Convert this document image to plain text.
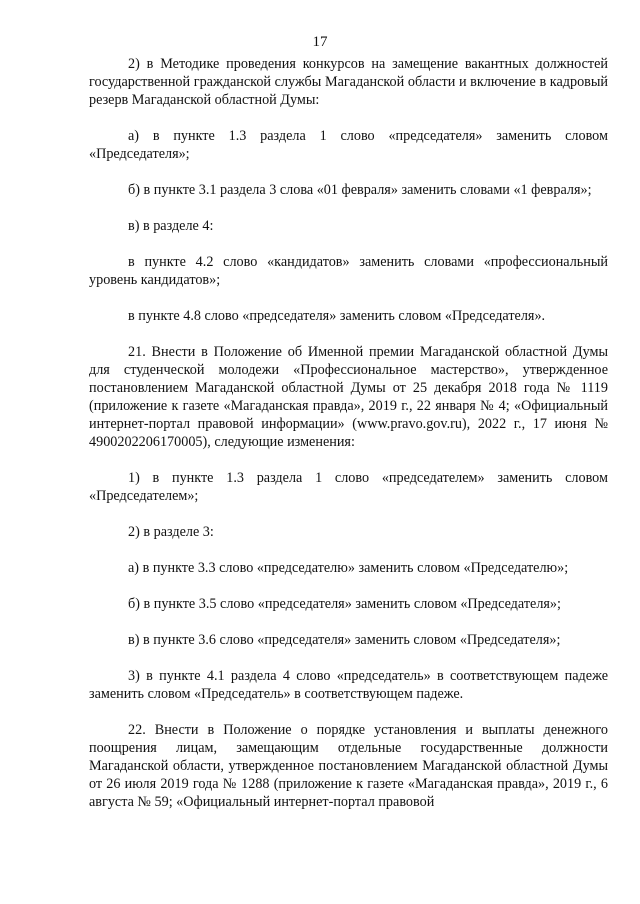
17

2) в Методике проведения конкурсов на замещение вакантных должностей государственной гражданской службы Магаданской области и включение в кадровый резерв Магаданской областной Думы:

а) в пункте 1.3 раздела 1 слово «председателя» заменить словом «Председателя»;

б) в пункте 3.1 раздела 3 слова «01 февраля» заменить словами «1 февраля»;

в) в разделе 4:

в пункте 4.2 слово «кандидатов» заменить словами «профессиональный уровень кандидатов»;

в пункте 4.8 слово «председателя» заменить словом «Председателя».

21. Внести в Положение об Именной премии Магаданской областной Думы для студенческой молодежи «Профессиональное мастерство», утвержденное постановлением Магаданской областной Думы от 25 декабря 2018 года № 1119 (приложение к газете «Магаданская правда», 2019 г., 22 января № 4; «Официальный интернет-портал правовой информации» (www.pravo.gov.ru), 2022 г., 17 июня № 4900202206170005), следующие изменения:

1) в пункте 1.3 раздела 1 слово «председателем» заменить словом «Председателем»;

2) в разделе 3:

а) в пункте 3.3 слово «председателю» заменить словом «Председателю»;

б) в пункте 3.5 слово «председателя» заменить словом «Председателя»;

в) в пункте 3.6 слово «председателя» заменить словом «Председателя»;

3) в пункте 4.1 раздела 4 слово «председатель» в соответствующем падеже заменить словом «Председатель» в соответствующем падеже.

22. Внести в Положение о порядке установления и выплаты денежного поощрения лицам, замещающим отдельные государственные должности Магаданской области, утвержденное постановлением Магаданской областной Думы от 26 июля 2019 года № 1288 (приложение к газете «Магаданская правда», 2019 г., 6 августа № 59; «Официальный интернет-портал правовой
